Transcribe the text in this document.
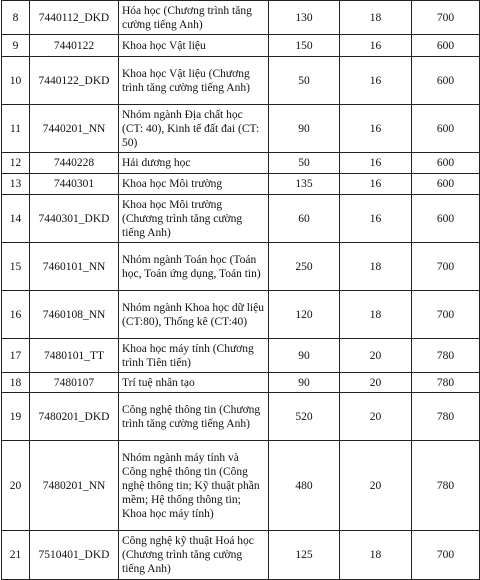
8	7440112_DKD	Hóa học (Chương trình tăng cường tiếng Anh)	130	18	700
9	7440122	Khoa học Vật liệu	150	16	600
10	7440122_DKD	Khoa học Vật liệu (Chương trình tăng cường tiếng Anh)	50	16	600
11	7440201_NN	Nhóm ngành Địa chất học (CT: 40), Kinh tế đất đai (CT: 50)	90	16	600
12	7440228	Hải dương học	50	16	600
13	7440301	Khoa học Môi trường	135	16	600
14	7440301_DKD	Khoa học Môi trường (Chương trình tăng cường tiếng Anh)	60	16	600
15	7460101_NN	Nhóm ngành Toán học (Toán học, Toán ứng dụng, Toán tin)	250	18	700
16	7460108_NN	Nhóm ngành Khoa học dữ liệu (CT:80), Thống kê (CT:40)	120	18	700
17	7480101_TT	Khoa học máy tính (Chương trình Tiên tiến)	90	20	780
18	7480107	Trí tuệ nhân tạo	90	20	780
19	7480201_DKD	Công nghệ thông tin (Chương trình tăng cường tiếng Anh)	520	20	780
20	7480201_NN	Nhóm ngành máy tính và Công nghệ thông tin (Công nghệ thông tin; Kỹ thuật phần mềm; Hệ thống thông tin; Khoa học máy tính)	480	20	780
21	7510401_DKD	Công nghệ kỹ thuật Hoá học (Chương trình tăng cường tiếng Anh)	125	18	700
